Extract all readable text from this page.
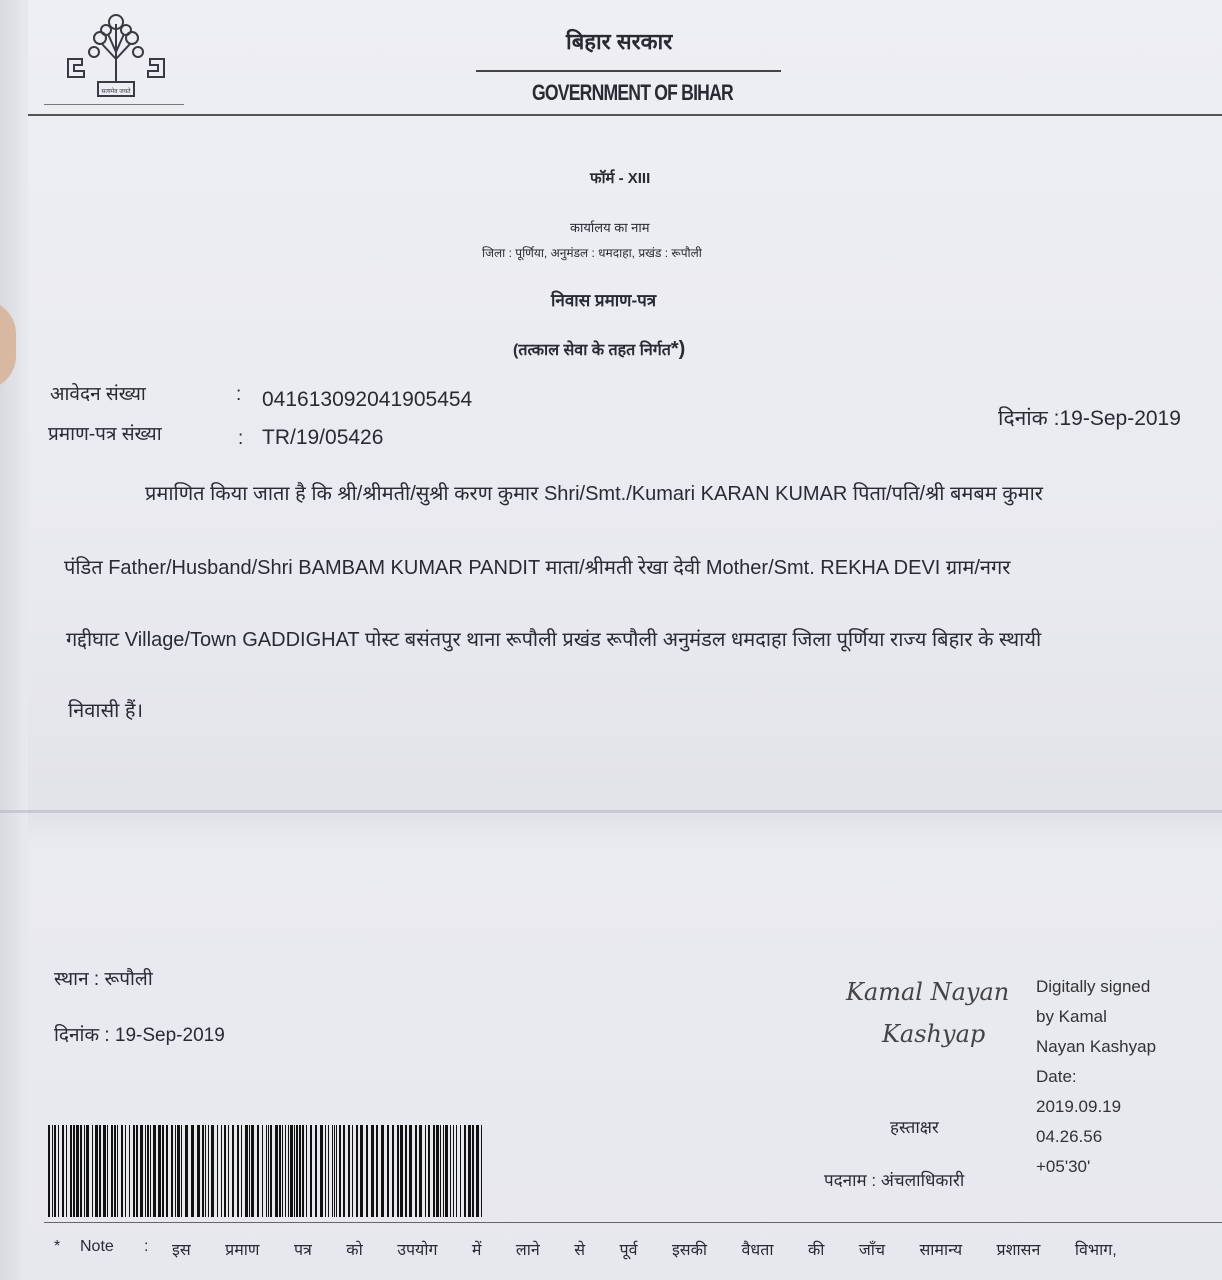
सत्यमेव जयते
बिहार सरकार
GOVERNMENT OF BIHAR
फॉर्म - XIII
कार्यालय का नाम
जिला : पूर्णिया, अनुमंडल : धमदाहा, प्रखंड : रूपौली
निवास प्रमाण-पत्र
(तत्काल सेवा के तहत निर्गत*)
आवेदन संख्या	: 041613092041905454
प्रमाण-पत्र संख्या	: TR/19/05426
दिनांक :19-Sep-2019
प्रमाणित किया जाता है कि श्री/श्रीमती/सुश्री करण कुमार Shri/Smt./Kumari KARAN KUMAR पिता/पति/श्री बमबम कुमार
पंडित Father/Husband/Shri BAMBAM KUMAR PANDIT माता/श्रीमती रेखा देवी Mother/Smt. REKHA DEVI ग्राम/नगर
गद्दीघाट Village/Town GADDIGHAT पोस्ट बसंतपुर थाना रूपौली प्रखंड रूपौली अनुमंडल धमदाहा जिला पूर्णिया राज्य बिहार के स्थायी
निवासी हैं।
स्थान : रूपौली
दिनांक : 19-Sep-2019
Kamal Nayan
Kashyap
Digitally signed
by Kamal
Nayan Kashyap
Date:
2019.09.19
04.26.56
+05'30'
हस्ताक्षर
पदनाम : अंचलाधिकारी
* Note : इस प्रमाण पत्र को उपयोग में लाने से पूर्व इसकी वैधता की जाँच सामान्य प्रशासन विभाग,
